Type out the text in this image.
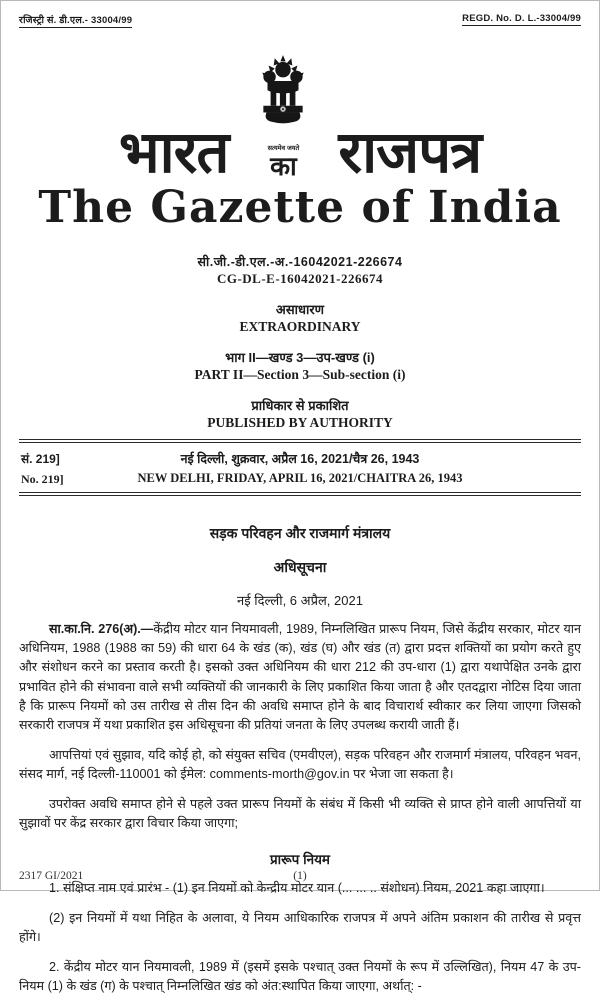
रजिस्ट्री सं. डी.एल.- 33004/99	REGD. No. D. L.-33004/99
भारत	सत्यमेव जयते
का राजपत्र
The Gazette of India
सी.जी.-डी.एल.-अ.-16042021-226674
CG-DL-E-16042021-226674
असाधारण
EXTRAORDINARY
भाग II—खण्ड 3—उप-खण्ड (i)
PART II—Section 3—Sub-section (i)
प्राधिकार से प्रकाशित
PUBLISHED BY AUTHORITY
सं. 219]
No. 219]
नई दिल्ली, शुक्रवार, अप्रैल 16, 2021/चैत्र 26, 1943
NEW DELHI, FRIDAY, APRIL 16, 2021/CHAITRA 26, 1943
सड़क परिवहन और राजमार्ग मंत्रालय
अधिसूचना
नई दिल्ली, 6 अप्रैल, 2021

सा.का.नि. 276(अ).—केंद्रीय मोटर यान नियमावली, 1989, निम्नलिखित प्रारूप नियम, जिसे केंद्रीय सरकार, मोटर यान अधिनियम, 1988 (1988 का 59) की धारा 64 के खंड (क), खंड (घ) और खंड (त) द्वारा प्रदत्त शक्तियों का प्रयोग करते हुए और संशोधन करने का प्रस्ताव करती है। इसको उक्त अधिनियम की धारा 212 की उप-धारा (1) द्वारा यथापेक्षित उनके द्वारा प्रभावित होने की संभावना वाले सभी व्यक्तियों की जानकारी के लिए प्रकाशित किया जाता है और एतदद्वारा नोटिस दिया जाता है कि प्रारूप नियमों को उस तारीख से तीस दिन की अवधि समाप्त होने के बाद विचारार्थ स्वीकार कर लिया जाएगा जिसको सरकारी राजपत्र में यथा प्रकाशित इस अधिसूचना की प्रतियां जनता के लिए उपलब्ध करायी जाती हैं।

आपत्तियां एवं सुझाव, यदि कोई हो, को संयुक्त सचिव (एमवीएल), सड़क परिवहन और राजमार्ग मंत्रालय, परिवहन भवन, संसद मार्ग, नई दिल्ली-110001 को ईमेल: comments-morth@gov.in पर भेजा जा सकता है।

उपरोक्त अवधि समाप्त होने से पहले उक्त प्रारूप नियमों के संबंध में किसी भी व्यक्ति से प्राप्त होने वाली आपत्तियों या सुझावों पर केंद्र सरकार द्वारा विचार किया जाएगा;

प्रारूप नियम

1. संक्षिप्त नाम एवं प्रारंभ - (1) इन नियमों को केन्द्रीय मोटर यान (... ... .. संशोधन) नियम, 2021 कहा जाएगा।

(2) इन नियमों में यथा निहित के अलावा, ये नियम आधिकारिक राजपत्र में अपने अंतिम प्रकाशन की तारीख से प्रवृत्त होंगे।

2. केंद्रीय मोटर यान नियमावली, 1989 में (इसमें इसके पश्चात् उक्त नियमों के रूप में उल्लिखित), नियम 47 के उप-नियम (1) के खंड (ग) के पश्चात् निम्नलिखित खंड को अंत:स्थापित किया जाएगा, अर्थात्: -

2317 GI/2021	(1)
